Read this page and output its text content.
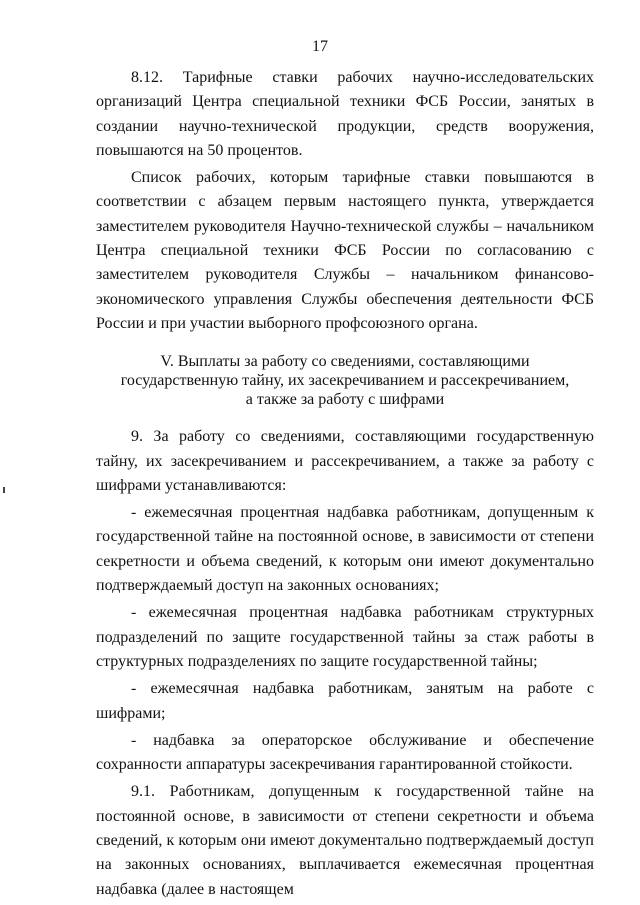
17

8.12. Тарифные ставки рабочих научно-исследовательских организаций Центра специальной техники ФСБ России, занятых в создании научно-технической продукции, средств вооружения, повышаются на 50 процентов.

Список рабочих, которым тарифные ставки повышаются в соответствии с абзацем первым настоящего пункта, утверждается заместителем руководителя Научно-технической службы – начальником Центра специальной техники ФСБ России по согласованию с заместителем руководителя Службы – начальником финансово-экономического управления Службы обеспечения деятельности ФСБ России и при участии выборного профсоюзного органа.

V. Выплаты за работу со сведениями, составляющими
государственную тайну, их засекречиванием и рассекречиванием,
а также за работу с шифрами

9. За работу со сведениями, составляющими государственную тайну, их засекречиванием и рассекречиванием, а также за работу с шифрами устанавливаются:

- ежемесячная процентная надбавка работникам, допущенным к государственной тайне на постоянной основе, в зависимости от степени секретности и объема сведений, к которым они имеют документально подтверждаемый доступ на законных основаниях;

- ежемесячная процентная надбавка работникам структурных подразделений по защите государственной тайны за стаж работы в структурных подразделениях по защите государственной тайны;

- ежемесячная надбавка работникам, занятым на работе с шифрами;

- надбавка за операторское обслуживание и обеспечение сохранности аппаратуры засекречивания гарантированной стойкости.

9.1. Работникам, допущенным к государственной тайне на постоянной основе, в зависимости от степени секретности и объема сведений, к которым они имеют документально подтверждаемый доступ на законных основаниях, выплачивается ежемесячная процентная надбавка (далее в настоящем
